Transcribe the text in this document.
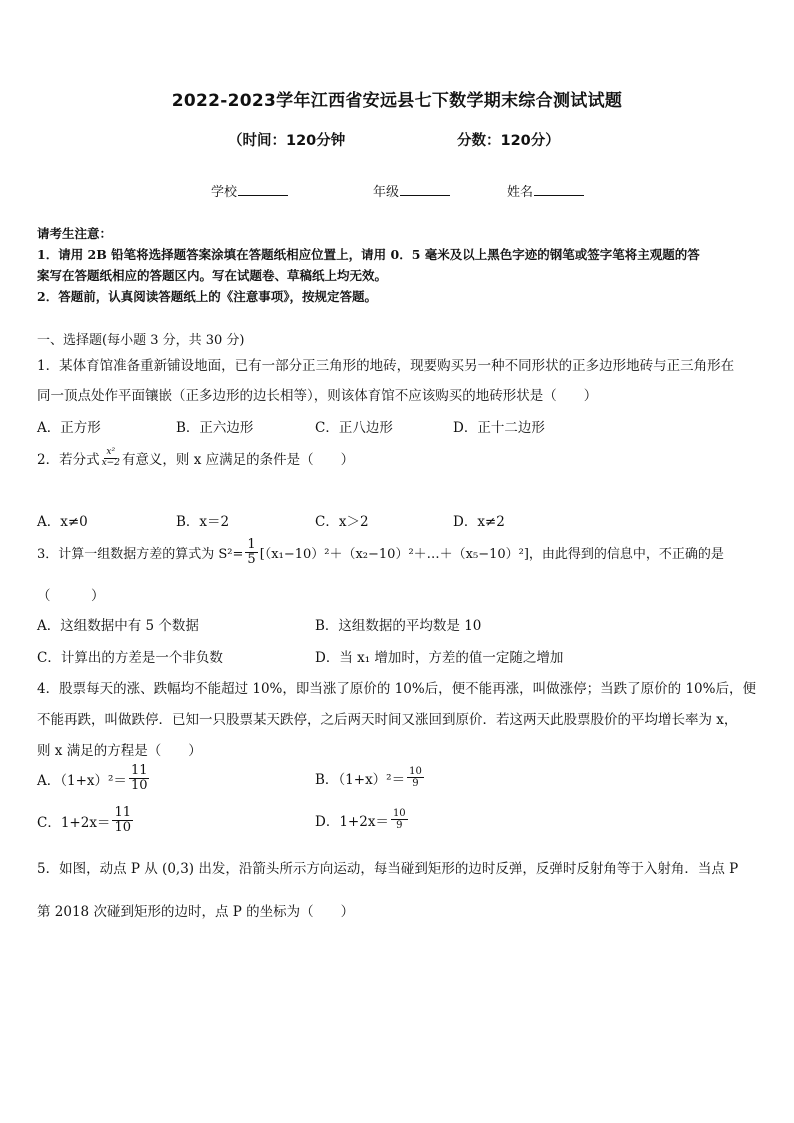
2022-2023学年江西省安远县七下数学期末综合测试试题
（时间：120分钟	分数：120分）
学校	年级	姓名
请考生注意：
1．请用 2B 铅笔将选择题答案涂填在答题纸相应位置上，请用 0．5 毫米及以上黑色字迹的钢笔或签字笔将主观题的答
案写在答题纸相应的答题区内。写在试题卷、草稿纸上均无效。
2．答题前，认真阅读答题纸上的《注意事项》，按规定答题。
一、选择题(每小题 3 分，共 30 分)
1．某体育馆准备重新铺设地面，已有一部分正三角形的地砖，现要购买另一种不同形状的正多边形地砖与正三角形在
同一顶点处作平面镶嵌（正多边形的边长相等），则该体育馆不应该购买的地砖形状是（　　）
A．正方形	B．正六边形	C．正八边形	D．正十二边形
2．若分式 $\frac{\text{x²}}{x-2}$ 有意义，则 x 应满足的条件是（　　）
A．x≠0	B．x＝2	C．x＞2	D．x≠2
3．计算一组数据方差的算式为 $S^2= \frac{1}{5}$ [（x₁−10）²＋（x₂−10）²＋…＋（x₅−10）²]，由此得到的信息中，不正确的是
（　　　）
A．这组数据中有 5 个数据	B．这组数据的平均数是 10
C．计算出的方差是一个非负数	D．当 x₁ 增加时，方差的值一定随之增加
4．股票每天的涨、跌幅均不能超过 10%，即当涨了原价的 10%后，便不能再涨，叫做涨停；当跌了原价的 10%后，便
不能再跌，叫做跌停．已知一只股票某天跌停，之后两天时间又涨回到原价．若这两天此股票股价的平均增长率为 x，
则 x 满足的方程是（　　）
A．$(1+x)^2= \frac{11}{10}$	B．$(1+x)^2= \frac{10}{9}$
C．$1+2x= \frac{11}{10}$	D．$1+2x= \frac{10}{9}$
5．如图，动点 P 从 (0,3) 出发，沿箭头所示方向运动，每当碰到矩形的边时反弹，反弹时反射角等于入射角．当点 P
第 2018 次碰到矩形的边时，点 P 的坐标为（　　）
